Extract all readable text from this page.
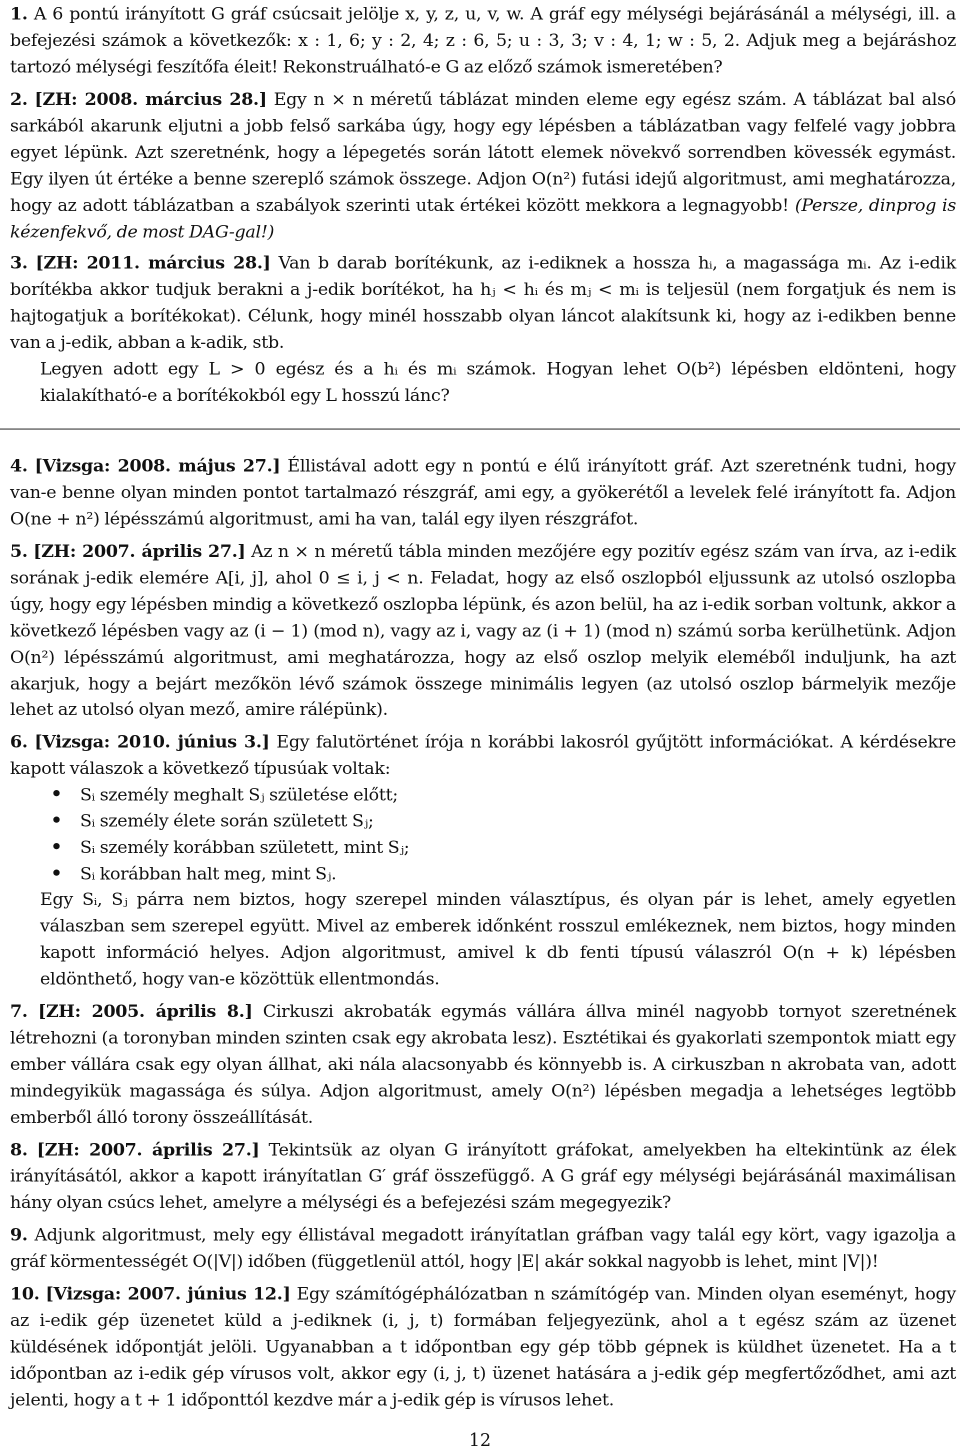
1. A 6 pontú irányított G gráf csúcsait jelölje x, y, z, u, v, w. A gráf egy mélységi bejárásánál a mélységi, ill. a befejezési számok a következők: x : 1, 6; y : 2, 4; z : 6, 5; u : 3, 3; v : 4, 1; w : 5, 2. Adjuk meg a bejáráshoz tartozó mélységi feszítőfa éleit! Rekonstruálható-e G az előző számok ismeretében?
2. [ZH: 2008. március 28.] Egy n × n méretű táblázat minden eleme egy egész szám. A táblázat bal alsó sarkából akarunk eljutni a jobb felső sarkába úgy, hogy egy lépésben a táblázatban vagy felfelé vagy jobbra egyet lépünk. Azt szeretnénk, hogy a lépegetés során látott elemek növekvő sorrendben kövessék egymást. Egy ilyen út értéke a benne szereplő számok összege. Adjon O(n²) futási idejű algoritmust, ami meghatározza, hogy az adott táblázatban a szabályok szerinti utak értékei között mekkora a legnagyobb! (Persze, dinprog is kézenfekvő, de most DAG-gal!)
3. [ZH: 2011. március 28.] Van b darab borítékunk, az i-ediknek a hossza hᵢ, a magassága mᵢ. Az i-edik borítékba akkor tudjuk berakni a j-edik borítékot, ha hⱼ < hᵢ és mⱼ < mᵢ is teljesül (nem forgatjuk és nem is hajtogatjuk a borítékokat). Célunk, hogy minél hosszabb olyan láncot alakítsunk ki, hogy az i-edikben benne van a j-edik, abban a k-adik, stb.
Legyen adott egy L > 0 egész és a hᵢ és mᵢ számok. Hogyan lehet O(b²) lépésben eldönteni, hogy kialakítható-e a borítékokból egy L hosszú lánc?
4. [Vizsga: 2008. május 27.] Éllistával adott egy n pontú e élű irányított gráf. Azt szeretnénk tudni, hogy van-e benne olyan minden pontot tartalmazó részgráf, ami egy, a gyökerétől a levelek felé irányított fa. Adjon O(ne + n²) lépésszámú algoritmust, ami ha van, talál egy ilyen részgráfot.
5. [ZH: 2007. április 27.] Az n × n méretű tábla minden mezőjére egy pozitív egész szám van írva, az i-edik sorának j-edik elemére A[i, j], ahol 0 ≤ i, j < n. Feladat, hogy az első oszlopból eljussunk az utolsó oszlopba úgy, hogy egy lépésben mindig a következő oszlopba lépünk, és azon belül, ha az i-edik sorban voltunk, akkor a következő lépésben vagy az (i − 1) (mod n), vagy az i, vagy az (i + 1) (mod n) számú sorba kerülhetünk. Adjon O(n²) lépésszámú algoritmust, ami meghatározza, hogy az első oszlop melyik eleméből induljunk, ha azt akarjuk, hogy a bejárt mezőkön lévő számok összege minimális legyen (az utolsó oszlop bármelyik mezője lehet az utolsó olyan mező, amire rálépünk).
6. [Vizsga: 2010. június 3.] Egy falutörténet írója n korábbi lakosról gyűjtött információkat. A kérdésekre kapott válaszok a következő típusúak voltak:
• Sᵢ személy meghalt Sⱼ születése előtt;
• Sᵢ személy élete során született Sⱼ;
• Sᵢ személy korábban született, mint Sⱼ;
• Sᵢ korábban halt meg, mint Sⱼ.
Egy Sᵢ, Sⱼ párra nem biztos, hogy szerepel minden választípus, és olyan pár is lehet, amely egyetlen válaszban sem szerepel együtt. Mivel az emberek időnként rosszul emlékeznek, nem biztos, hogy minden kapott információ helyes. Adjon algoritmust, amivel k db fenti típusú válaszról O(n + k) lépésben eldönthető, hogy van-e közöttük ellentmondás.
7. [ZH: 2005. április 8.] Cirkuszi akrobaták egymás vállára állva minél nagyobb tornyot szeretnének létrehozni (a toronyban minden szinten csak egy akrobata lesz). Esztétikai és gyakorlati szempontok miatt egy ember vállára csak egy olyan állhat, aki nála alacsonyabb és könnyebb is. A cirkuszban n akrobata van, adott mindegyikük magassága és súlya. Adjon algoritmust, amely O(n²) lépésben megadja a lehetséges legtöbb emberből álló torony összeállítását.
8. [ZH: 2007. április 27.] Tekintsük az olyan G irányított gráfokat, amelyekben ha eltekintünk az élek irányításától, akkor a kapott irányítatlan G′ gráf összefüggő. A G gráf egy mélységi bejárásánál maximálisan hány olyan csúcs lehet, amelyre a mélységi és a befejezési szám megegyezik?
9. Adjunk algoritmust, mely egy éllistával megadott irányítatlan gráfban vagy talál egy kört, vagy igazolja a gráf körmentességét O(|V|) időben (függetlenül attól, hogy |E| akár sokkal nagyobb is lehet, mint |V|)!
10. [Vizsga: 2007. június 12.] Egy számítógéphálózatban n számítógép van. Minden olyan eseményt, hogy az i-edik gép üzenetet küld a j-ediknek (i, j, t) formában feljegyezünk, ahol a t egész szám az üzenet küldésének időpontját jelöli. Ugyanabban a t időpontban egy gép több gépnek is küldhet üzenetet. Ha a t időpontban az i-edik gép vírusos volt, akkor egy (i, j, t) üzenet hatására a j-edik gép megfertőződhet, ami azt jelenti, hogy a t + 1 időponttól kezdve már a j-edik gép is vírusos lehet.
12
